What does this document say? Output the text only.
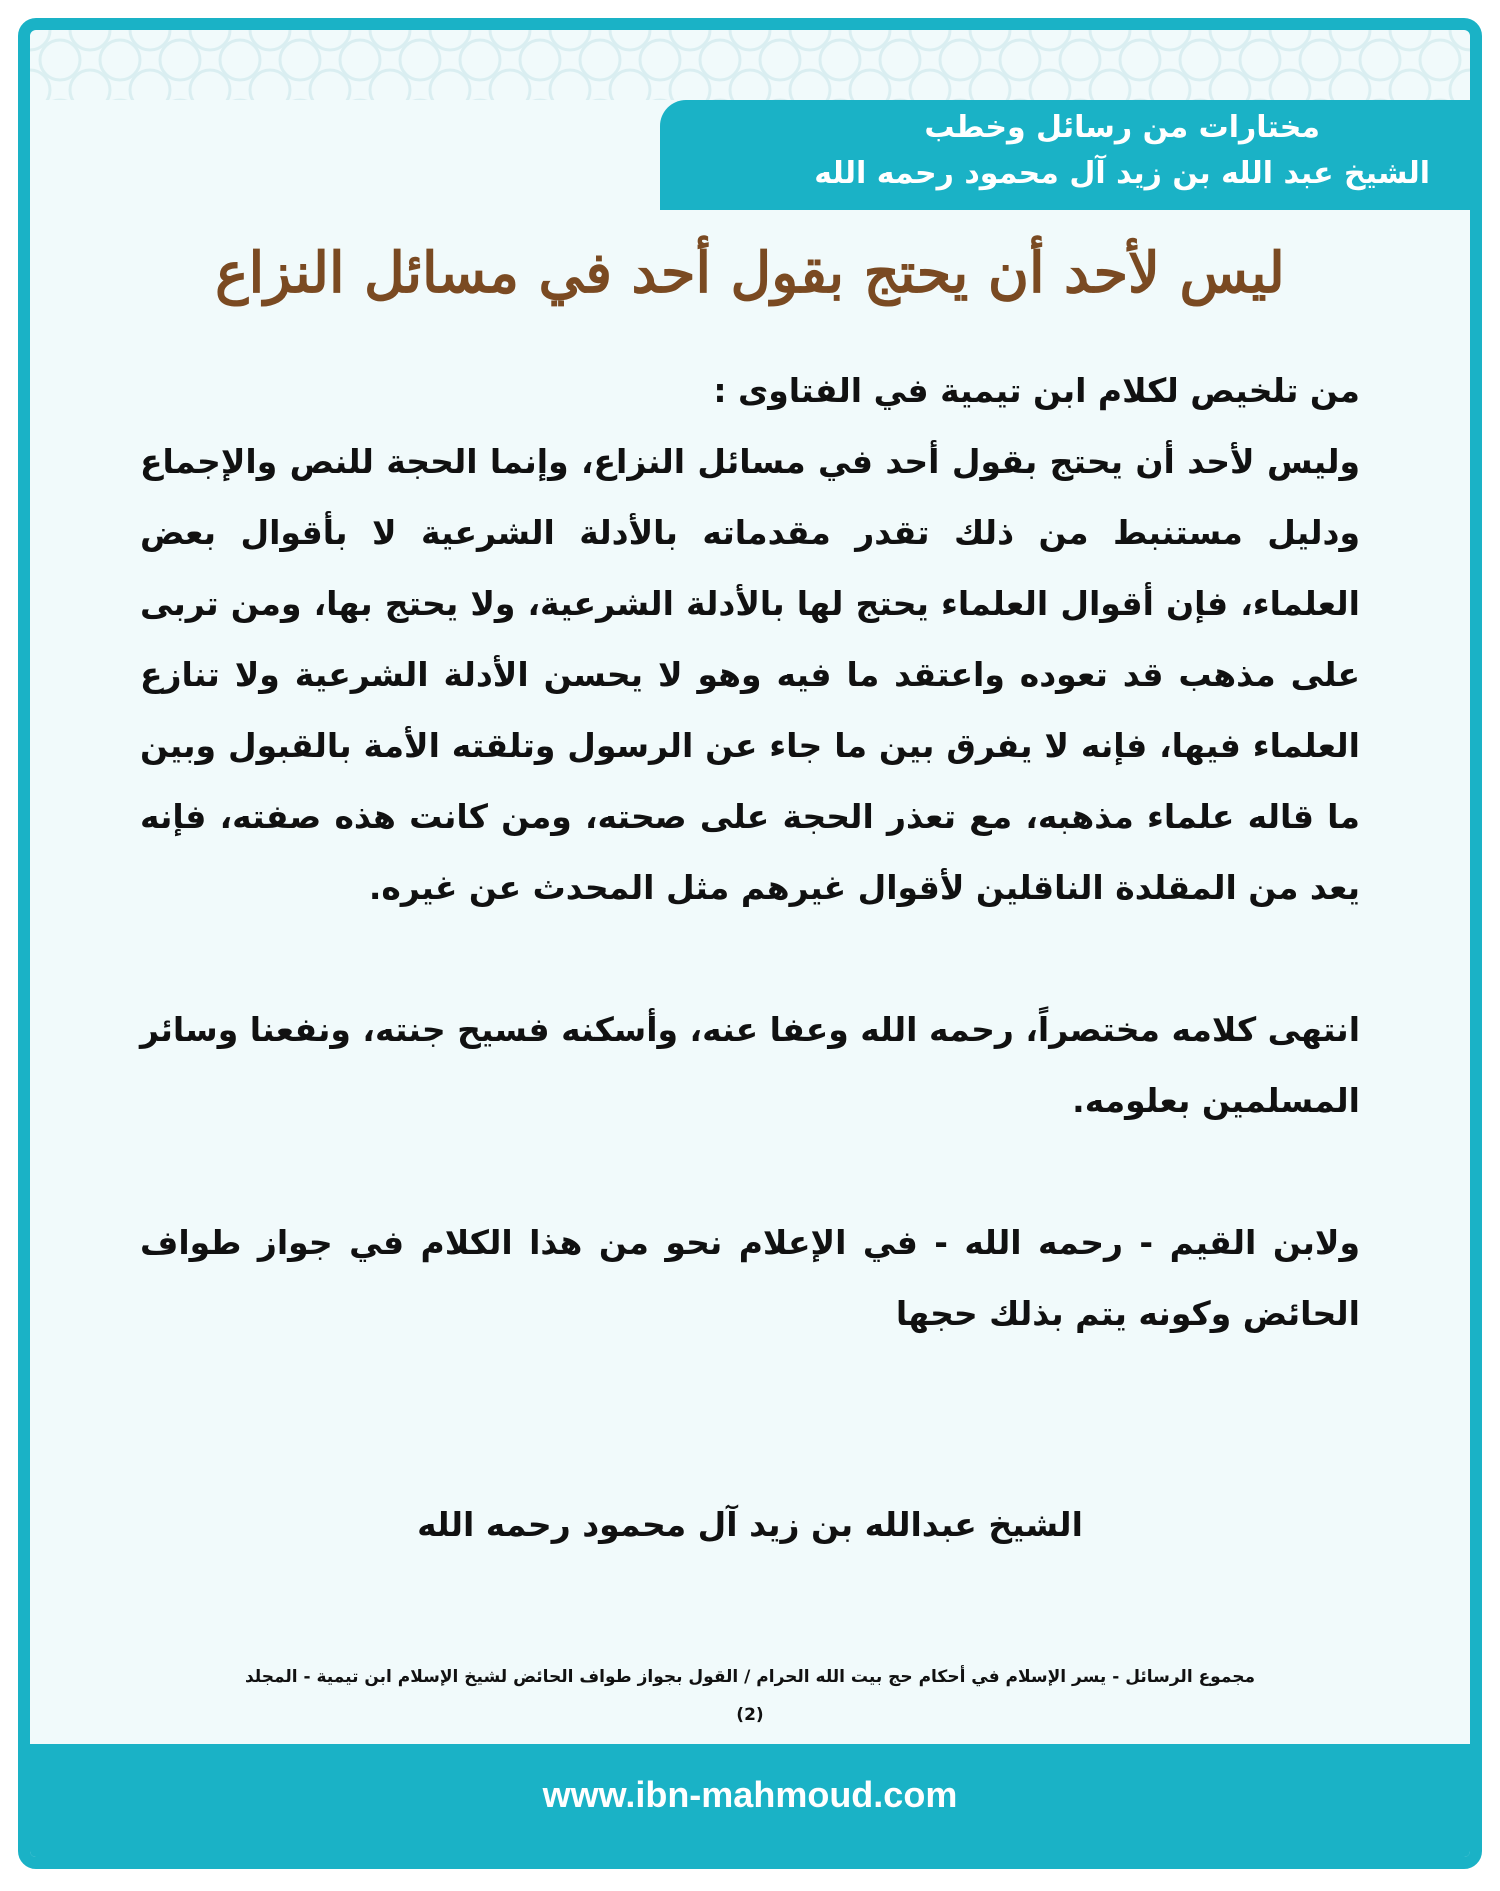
مختارات من رسائل وخطب
الشيخ عبد الله بن زيد آل محمود رحمه الله
ليس لأحد أن يحتج بقول أحد في مسائل النزاع

من تلخيص لكلام ابن تيمية في الفتاوى :

وليس لأحد أن يحتج بقول أحد في مسائل النزاع، وإنما الحجة للنص والإجماع ودليل مستنبط من ذلك تقدر مقدماته بالأدلة الشرعية لا بأقوال بعض العلماء، فإن أقوال العلماء يحتج لها بالأدلة الشرعية، ولا يحتج بها، ومن تربى على مذهب قد تعوده واعتقد ما فيه وهو لا يحسن الأدلة الشرعية ولا تنازع العلماء فيها، فإنه لا يفرق بين ما جاء عن الرسول وتلقته الأمة بالقبول وبين ما قاله علماء مذهبه، مع تعذر الحجة على صحته، ومن كانت هذه صفته، فإنه يعد من المقلدة الناقلين لأقوال غيرهم مثل المحدث عن غيره.

انتهى كلامه مختصراً، رحمه الله وعفا عنه، وأسكنه فسيح جنته، ونفعنا وسائر المسلمين بعلومه.

ولابن القيم - رحمه الله - في الإعلام نحو من هذا الكلام في جواز طواف الحائض وكونه يتم بذلك حجها

الشيخ عبدالله بن زيد آل محمود رحمه الله
مجموع الرسائل - يسر الإسلام في أحكام حج بيت الله الحرام / القول بجواز طواف الحائض لشيخ الإسلام ابن تيمية - المجلد
(2)
www.ibn-mahmoud.com
